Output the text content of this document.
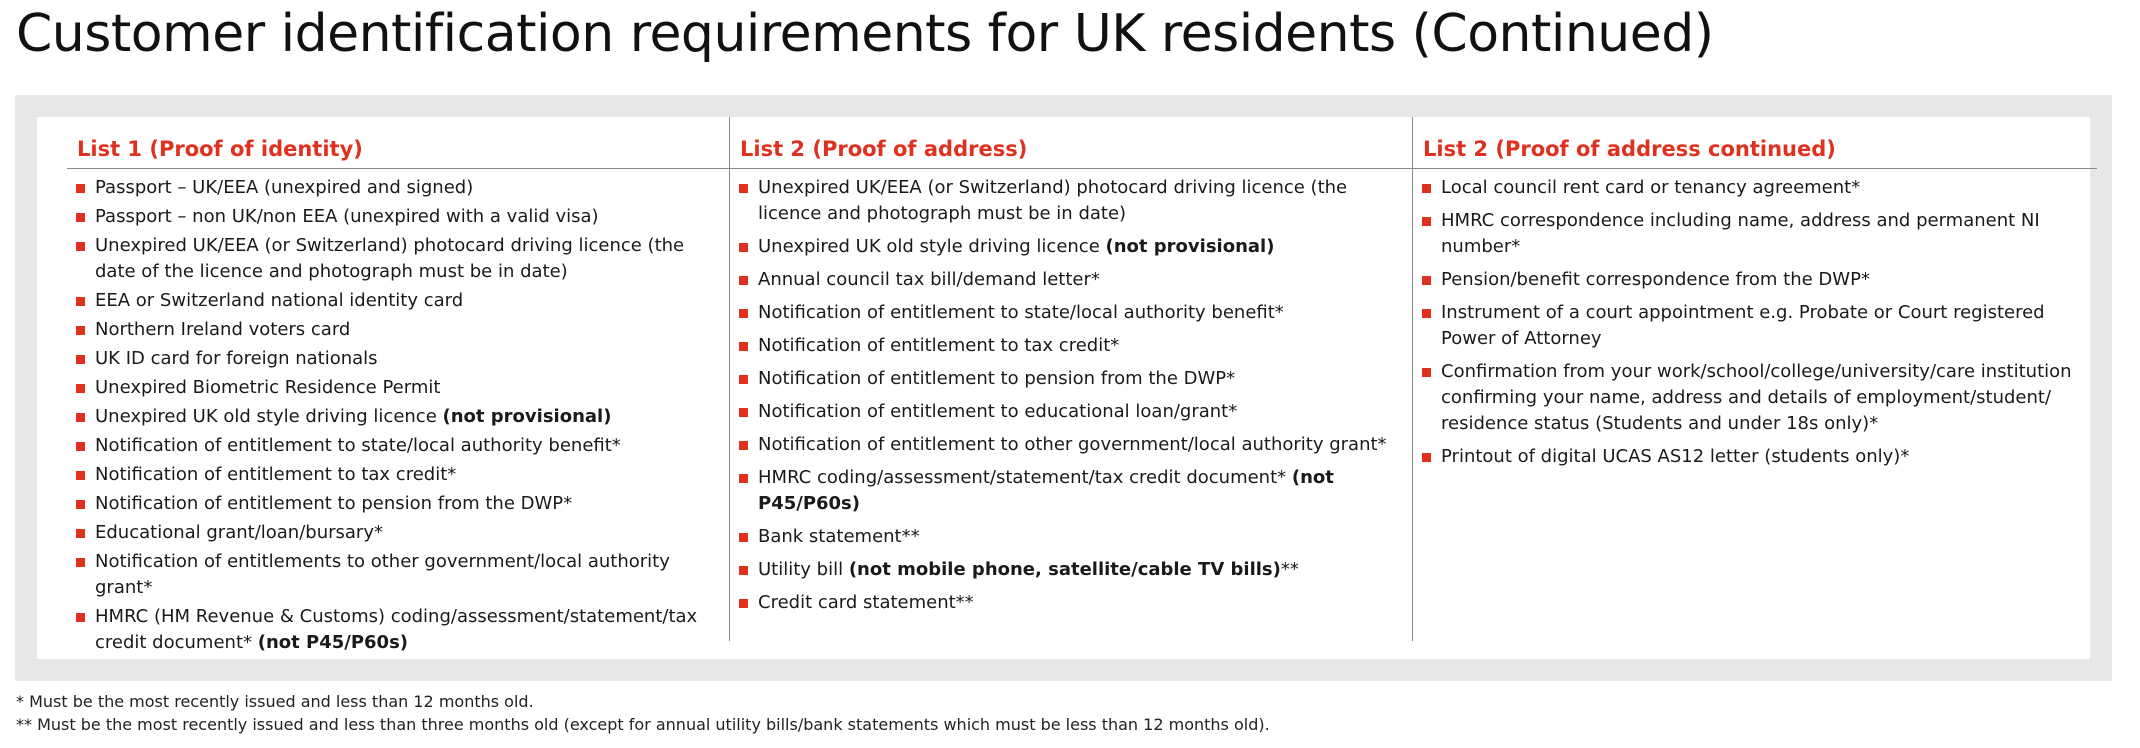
Customer identification requirements for UK residents (Continued)
List 1 (Proof of identity)
Passport – UK/EEA (unexpired and signed)
Passport – non UK/non EEA (unexpired with a valid visa)
Unexpired UK/EEA (or Switzerland) photocard driving licence (the date of the licence and photograph must be in date)
EEA or Switzerland national identity card
Northern Ireland voters card
UK ID card for foreign nationals
Unexpired Biometric Residence Permit
Unexpired UK old style driving licence (not provisional)
Notification of entitlement to state/local authority benefit*
Notification of entitlement to tax credit*
Notification of entitlement to pension from the DWP*
Educational grant/loan/bursary*
Notification of entitlements to other government/local authority grant*
HMRC (HM Revenue & Customs) coding/assessment/statement/tax credit document* (not P45/P60s)
List 2 (Proof of address)
Unexpired UK/EEA (or Switzerland) photocard driving licence (the licence and photograph must be in date)
Unexpired UK old style driving licence (not provisional)
Annual council tax bill/demand letter*
Notification of entitlement to state/local authority benefit*
Notification of entitlement to tax credit*
Notification of entitlement to pension from the DWP*
Notification of entitlement to educational loan/grant*
Notification of entitlement to other government/local authority grant*
HMRC coding/assessment/statement/tax credit document* (not P45/P60s)
Bank statement**
Utility bill (not mobile phone, satellite/cable TV bills)**
Credit card statement**
List 2 (Proof of address continued)
Local council rent card or tenancy agreement*
HMRC correspondence including name, address and permanent NI number*
Pension/benefit correspondence from the DWP*
Instrument of a court appointment e.g. Probate or Court registered Power of Attorney
Confirmation from your work/school/college/university/care institution confirming your name, address and details of employment/student/ residence status (Students and under 18s only)*
Printout of digital UCAS AS12 letter (students only)*
* Must be the most recently issued and less than 12 months old.
** Must be the most recently issued and less than three months old (except for annual utility bills/bank statements which must be less than 12 months old).
